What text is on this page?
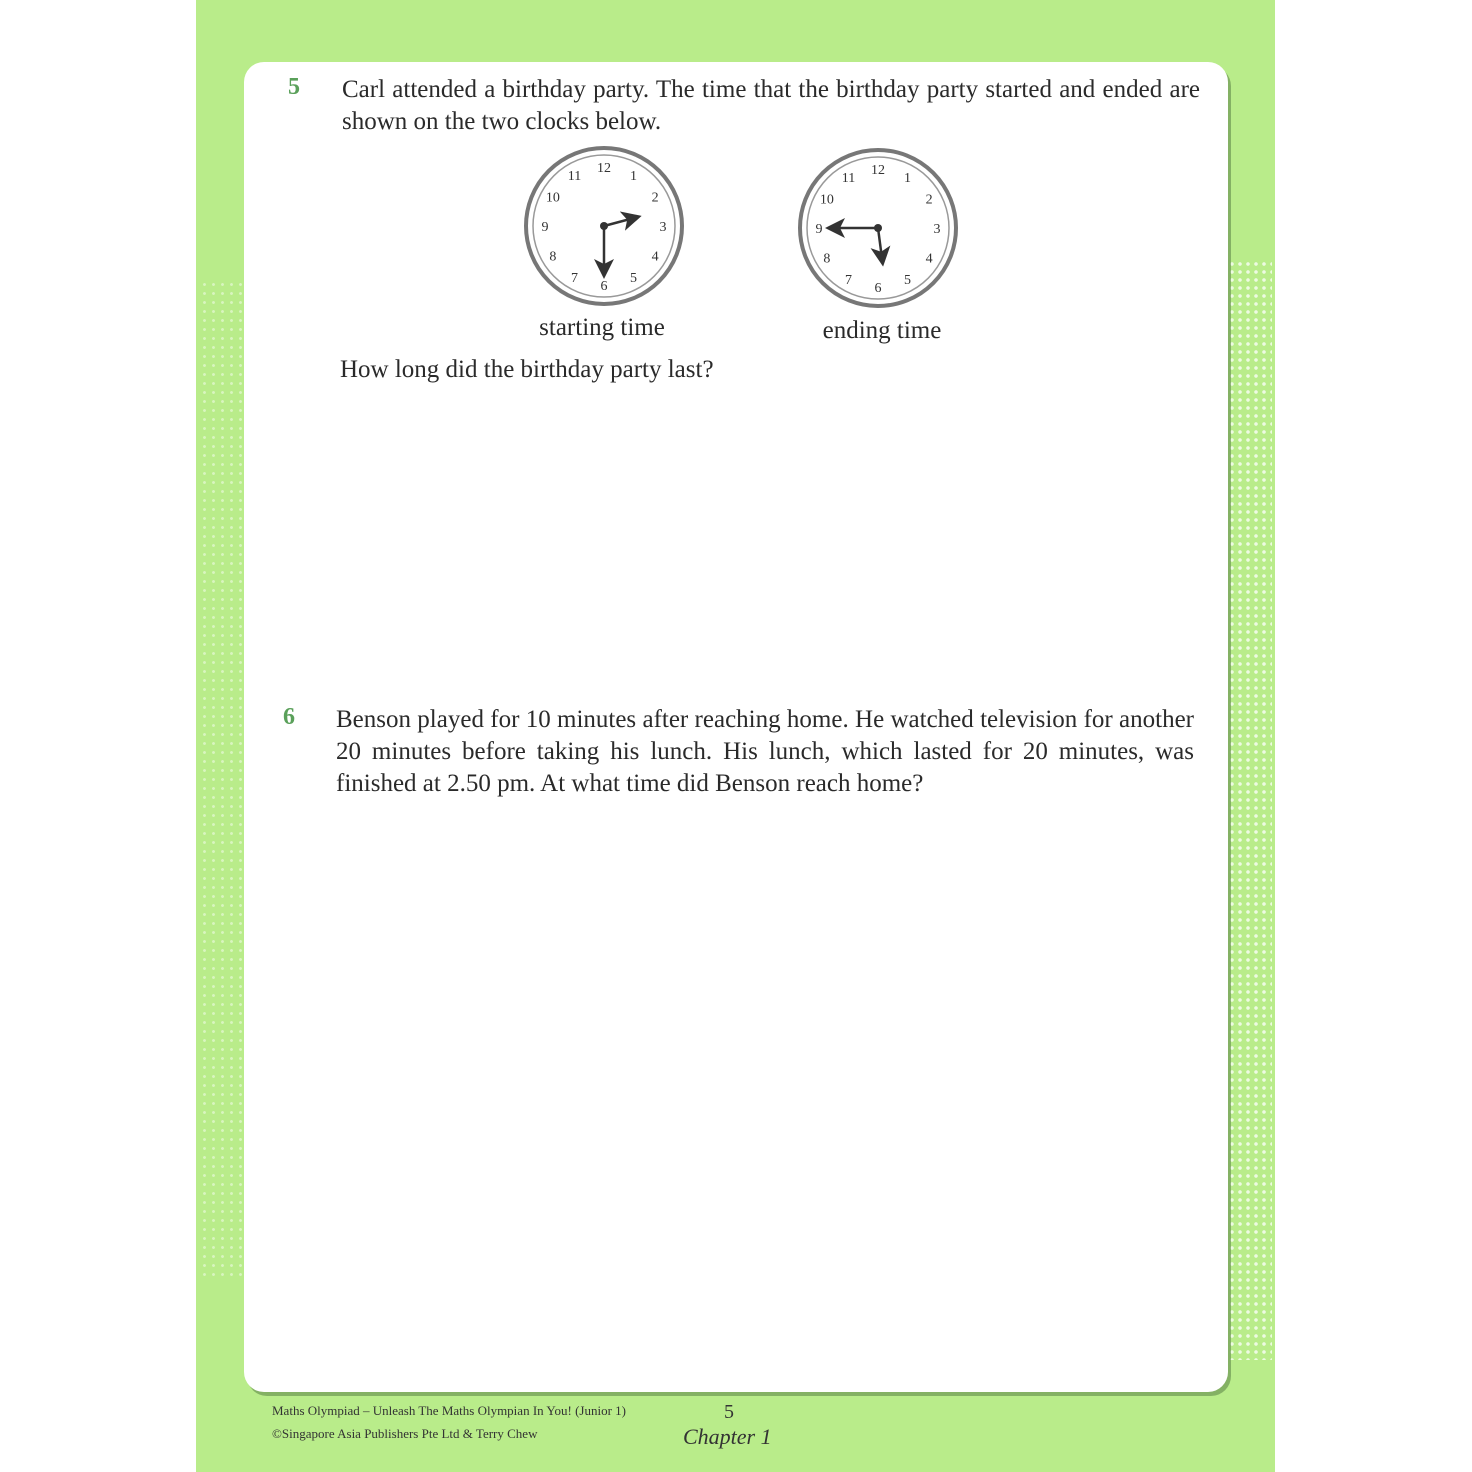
5 Carl attended a birthday party. The time that the birthday party started and ended are shown on the two clocks below.
12
1
2
3
4
5
6
7
8
9
10
11	12
1
2
3
4
5
6
7
8
9
10
11
starting time	ending time
How long did the birthday party last?
6 Benson played for 10 minutes after reaching home. He watched television for another 20 minutes before taking his lunch. His lunch, which lasted for 20 minutes, was finished at 2.50 pm. At what time did Benson reach home?
Maths Olympiad – Unleash The Maths Olympian In You! (Junior 1)
©Singapore Asia Publishers Pte Ltd & Terry Chew
5
Chapter 1
